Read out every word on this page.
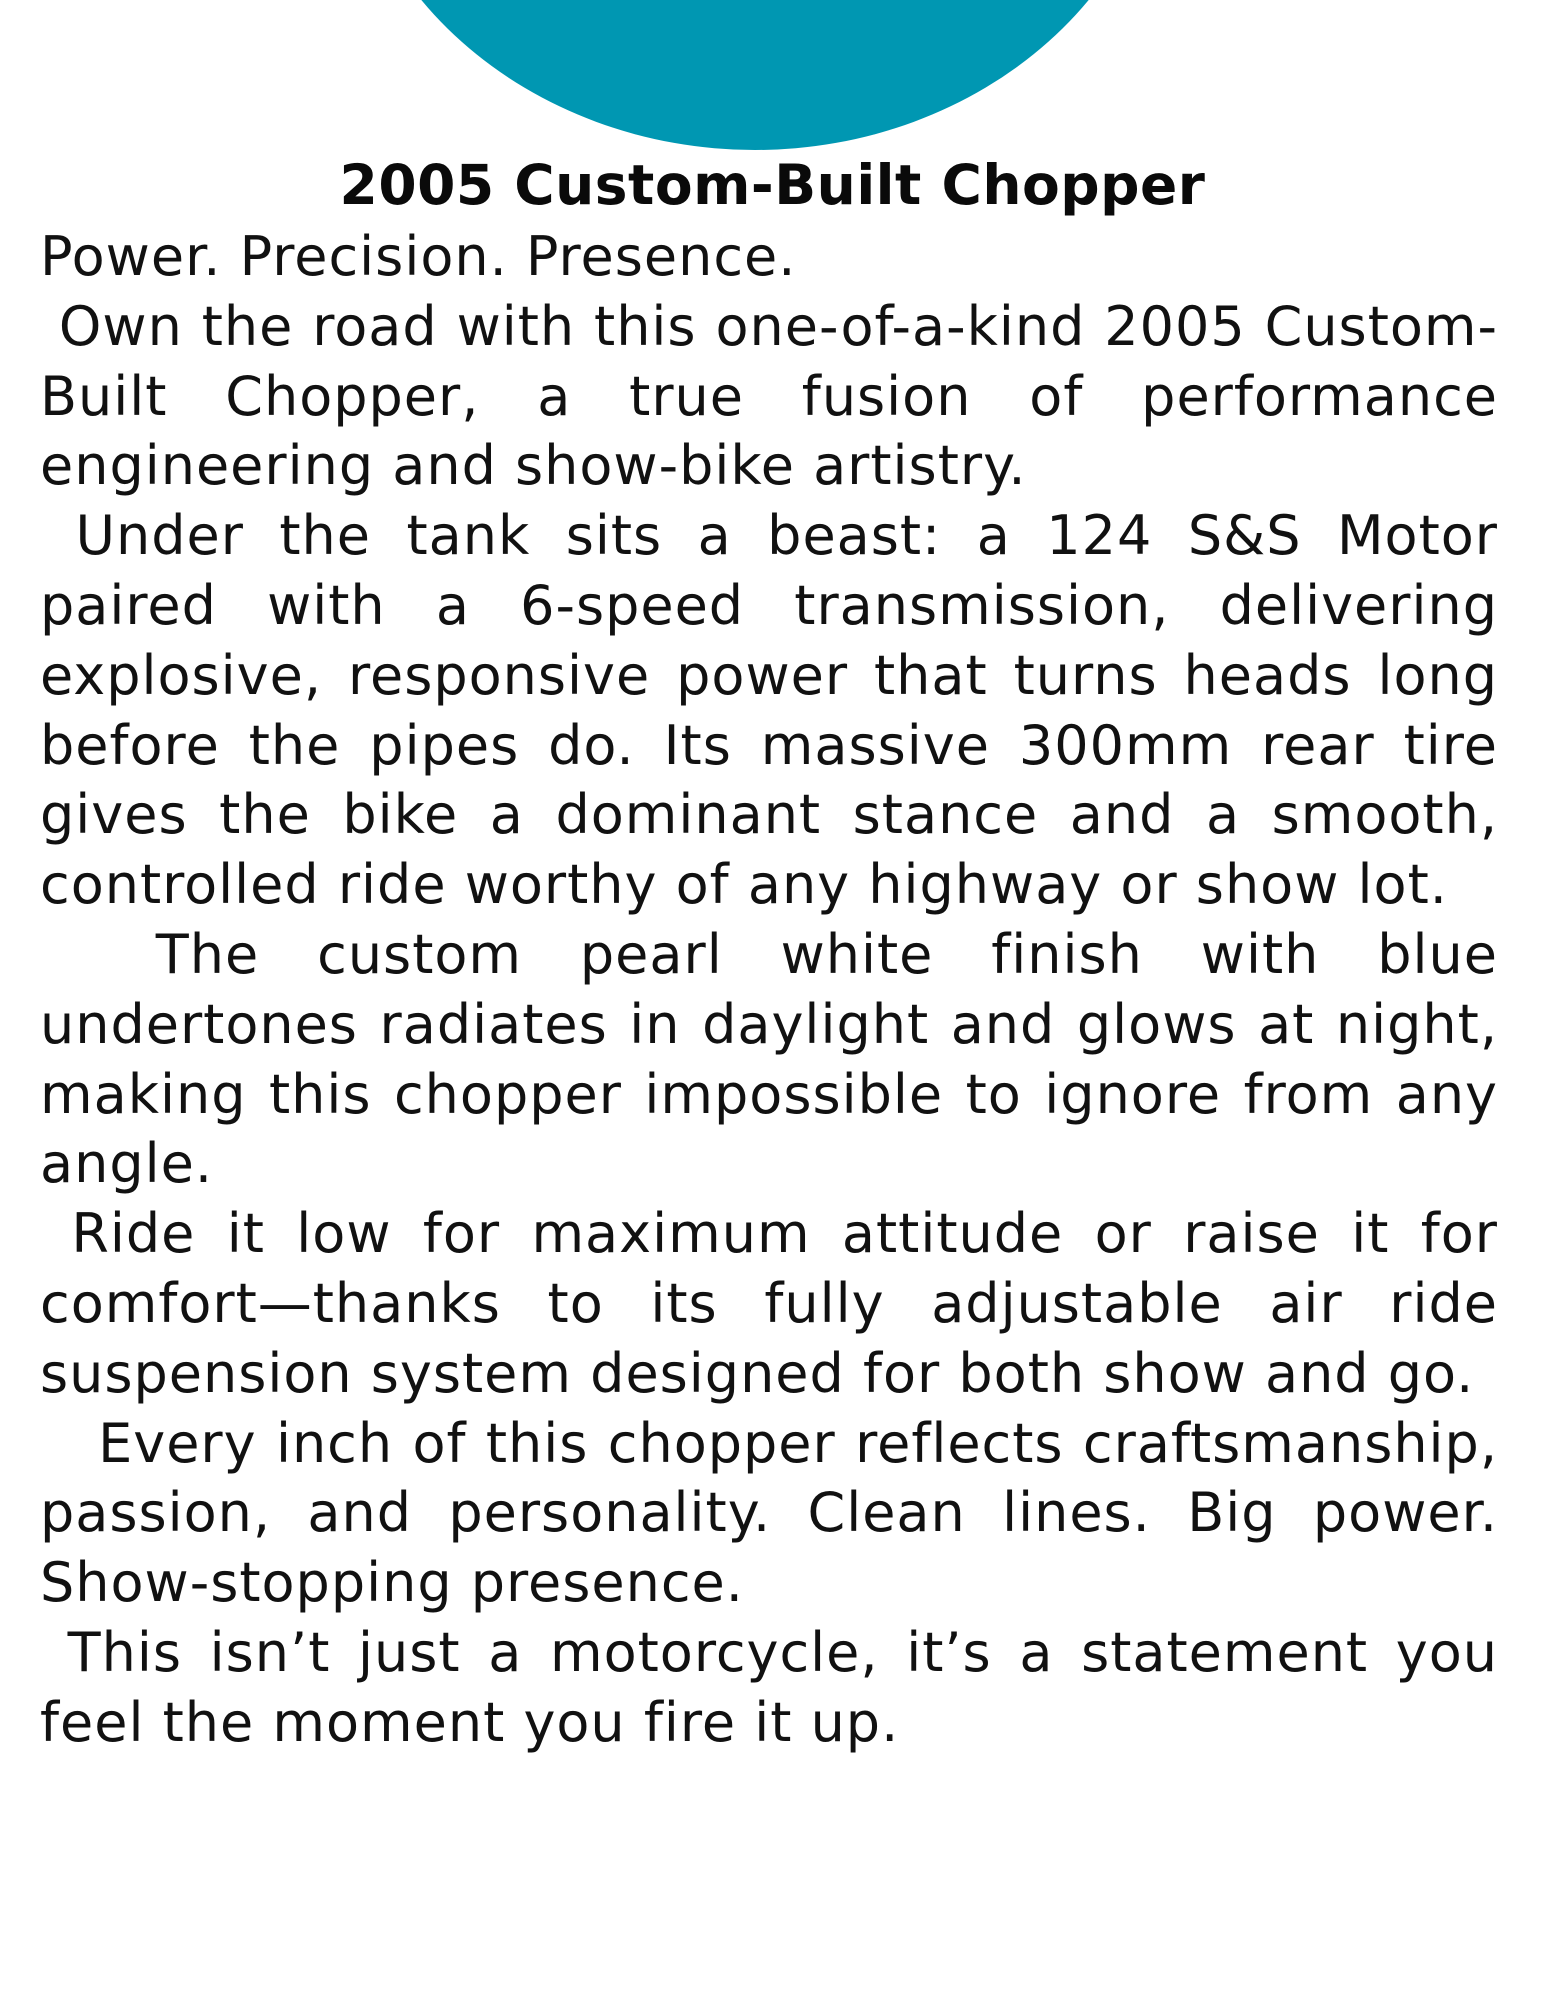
2005 Custom-Built Chopper

Power. Precision. Presence.

Own the road with this one-of-a-kind 2005 Custom-Built Chopper, a true fusion of performance engineering and show-bike artistry.

Under the tank sits a beast: a 124 S&S Motor paired with a 6-speed transmission, delivering explosive, responsive power that turns heads long before the pipes do. Its massive 300mm rear tire gives the bike a dominant stance and a smooth, controlled ride worthy of any highway or show lot.

The custom pearl white finish with blue undertones radiates in daylight and glows at night, making this chopper impossible to ignore from any angle.

Ride it low for maximum attitude or raise it for comfort—thanks to its fully adjustable air ride suspension system designed for both show and go.

Every inch of this chopper reflects craftsmanship, passion, and personality. Clean lines. Big power. Show-stopping presence.

This isn’t just a motorcycle, it’s a statement you feel the moment you fire it up.
